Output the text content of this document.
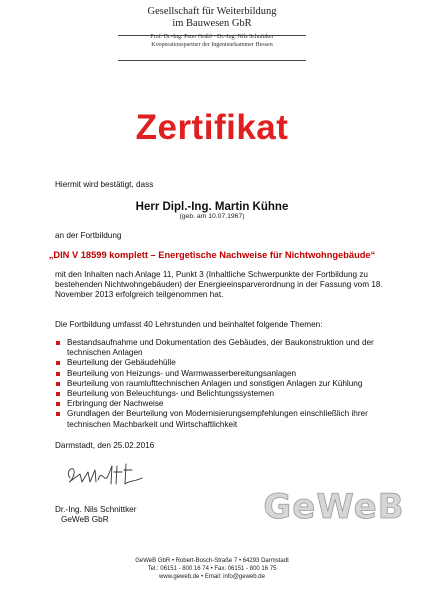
Gesellschaft für Weiterbildung
im Bauwesen GbR
Prof. Dr.-Ing. Peter Grübl • Dr.-Ing. Nils Schnittker
Kooperationspartner der Ingenieurkammer Hessen
Zertifikat
Hiermit wird bestätigt, dass
Herr Dipl.-Ing. Martin Kühne
(geb. am 10.07.1967)
an der Fortbildung
„DIN V 18599 komplett – Energetische Nachweise für Nichtwohngebäude“
mit den Inhalten nach Anlage 11, Punkt 3 (Inhaltliche Schwerpunkte der Fortbildung zu bestehenden Nichtwohngebäuden) der Energieeinsparverordnung in der Fassung vom 18. November 2013 erfolgreich teilgenommen hat.
Die Fortbildung umfasst 40 Lehrstunden und beinhaltet folgende Themen:
Bestandsaufnahme und Dokumentation des Gebäudes, der Baukonstruktion und der technischen Anlagen
Beurteilung der Gebäudehülle
Beurteilung von Heizungs- und Warmwasserbereitungsanlagen
Beurteilung von raumlufttechnischen Anlagen und sonstigen Anlagen zur Kühlung
Beurteilung von Beleuchtungs- und Belichtungssystemen
Erbringung der Nachweise
Grundlagen der Beurteilung von Modernisierungsempfehlungen einschließlich ihrer technischen Machbarkeit und Wirtschaftlichkeit
Darmstadt, den 25.02.2016
Dr.-Ing. Nils Schnittker
GeWeB GbR	GeWeB
GeWeB GbR • Robert-Bosch-Straße 7 • 64293 Darmstadt
Tel.: 06151 - 800 16 74 • Fax: 06151 - 800 16 75
www.geweb.de • Email: info@geweb.de
